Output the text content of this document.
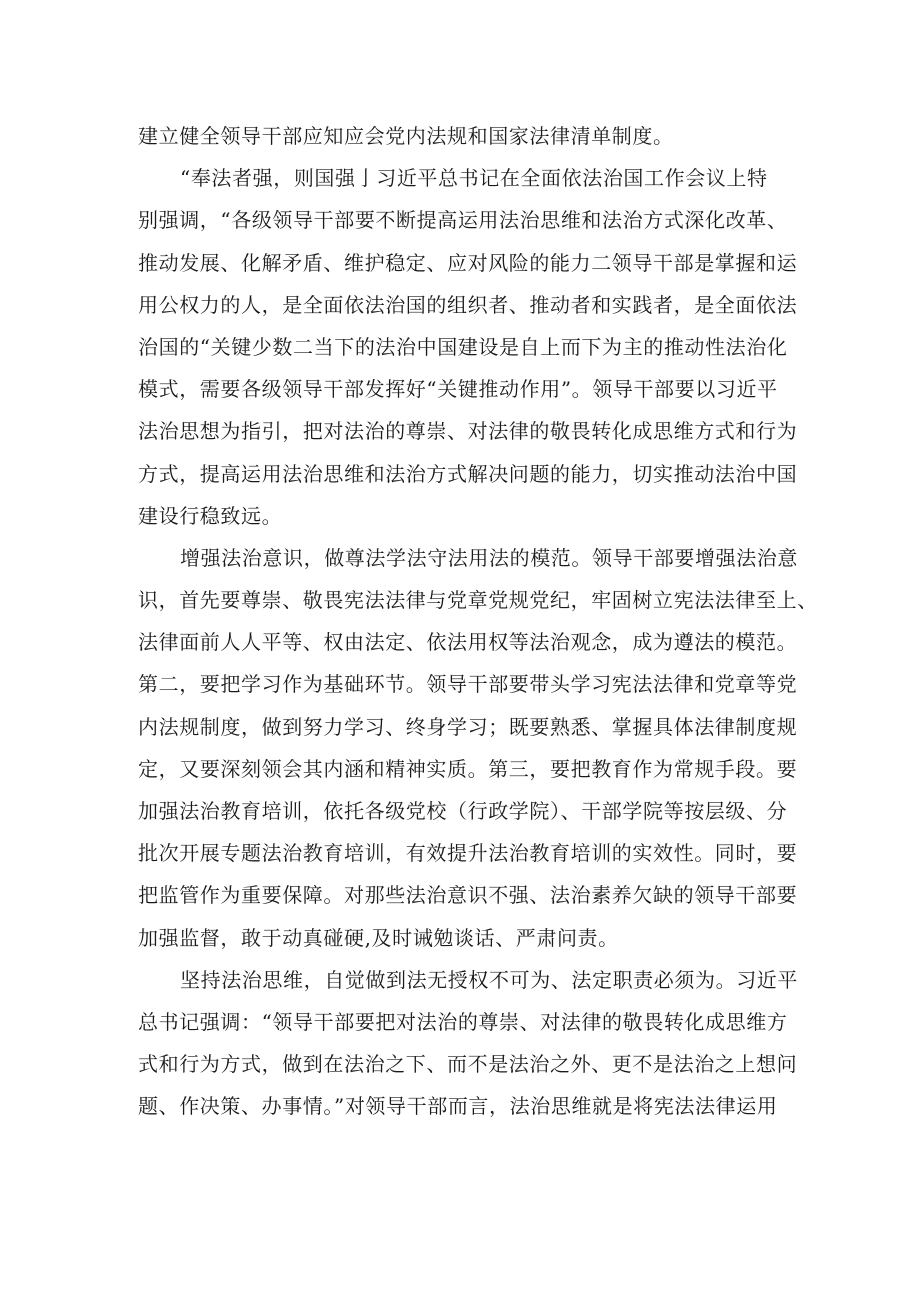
建立健全领导干部应知应会党内法规和国家法律清单制度。
“奉法者强，则国强亅习近平总书记在全面依法治国工作会议上特
别强调，“各级领导干部要不断提高运用法治思维和法治方式深化改革、
推动发展、化解矛盾、维护稳定、应对风险的能力二领导干部是掌握和运
用公权力的人，是全面依法治国的组织者、推动者和实践者，是全面依法
治国的“关键少数二当下的法治中国建设是自上而下为主的推动性法治化
模式，需要各级领导干部发挥好“关键推动作用”。领导干部要以习近平
法治思想为指引，把对法治的尊崇、对法律的敬畏转化成思维方式和行为
方式，提高运用法治思维和法治方式解决问题的能力，切实推动法治中国
建设行稳致远。
增强法治意识，做尊法学法守法用法的模范。领导干部要增强法治意
识，首先要尊崇、敬畏宪法法律与党章党规党纪，牢固树立宪法法律至上、
法律面前人人平等、权由法定、依法用权等法治观念，成为遵法的模范。
第二，要把学习作为基础环节。领导干部要带头学习宪法法律和党章等党
内法规制度，做到努力学习、终身学习；既要熟悉、掌握具体法律制度规
定，又要深刻领会其内涵和精神实质。第三，要把教育作为常规手段。要
加强法治教育培训，依托各级党校（行政学院）、干部学院等按层级、分
批次开展专题法治教育培训，有效提升法治教育培训的实效性。同时，要
把监管作为重要保障。对那些法治意识不强、法治素养欠缺的领导干部要
加强监督，敢于动真碰硬,及时诫勉谈话、严肃问责。
坚持法治思维，自觉做到法无授权不可为、法定职责必须为。习近平
总书记强调：“领导干部要把对法治的尊崇、对法律的敬畏转化成思维方
式和行为方式，做到在法治之下、而不是法治之外、更不是法治之上想问
题、作决策、办事情。”对领导干部而言，法治思维就是将宪法法律运用
